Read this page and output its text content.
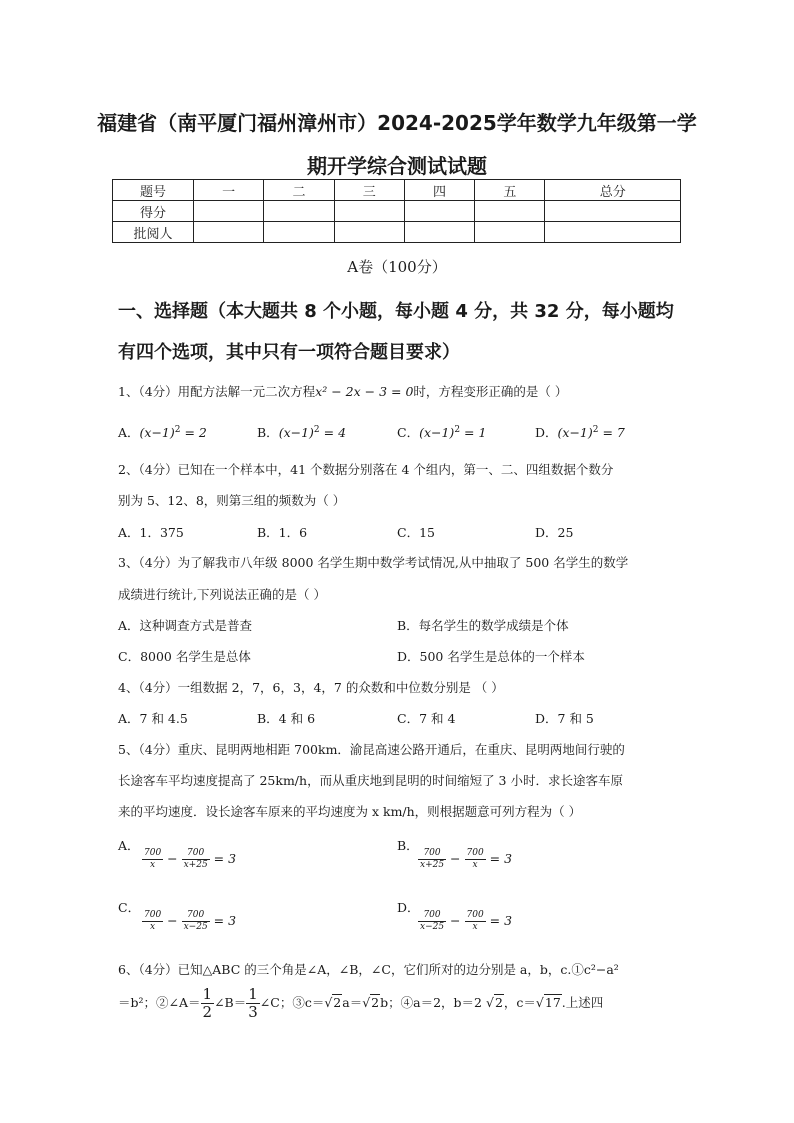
福建省（南平厦门福州漳州市）2024-2025学年数学九年级第一学
期开学综合测试试题
题号	一	二	三	四	五	总分
得分						
批阅人						
A卷（100分）
一、选择题（本大题共 8 个小题，每小题 4 分，共 32 分，每小题均
有四个选项，其中只有一项符合题目要求）
1、（4分）用配方法解一元二次方程x² − 2x − 3 = 0时，方程变形正确的是（ ）
A．$(x-1)^2 = 2$	B．$(x-1)^2 = 4$	C．$(x-1)^2 = 1$	D．$(x-1)^2 = 7$
2、（4分）已知在一个样本中，41 个数据分别落在 4 个组内，第一、二、四组数据个数分
别为 5、12、8，则第三组的频数为（ ）
A．1．375	B．1．6	C．15	D．25
3、（4分）为了解我市八年级 8000 名学生期中数学考试情况,从中抽取了 500 名学生的数学
成绩进行统计,下列说法正确的是（ ）
A．这种调查方式是普查	B．每名学生的数学成绩是个体
C．8000 名学生是总体	D．500 名学生是总体的一个样本
4、（4分）一组数据 2，7，6，3，4，7 的众数和中位数分别是 （ ）
A．7 和 4.5	B．4 和 6	C．7 和 4	D．7 和 5
5、（4分）重庆、昆明两地相距 700km．渝昆高速公路开通后，在重庆、昆明两地间行驶的
长途客车平均速度提高了 25km/h，而从重庆地到昆明的时间缩短了 3 小时．求长途客车原
来的平均速度．设长途客车原来的平均速度为 x km/h，则根据题意可列方程为（ ）
A．
$\frac{700}{x} - \frac{700}{x+25} = 3$
B．
$\frac{700}{x+25} - \frac{700}{x} = 3$
C．
$\frac{700}{x} - \frac{700}{x-25} = 3$
D．
$\frac{700}{x-25} - \frac{700}{x} = 3$
6、（4分）已知△ABC 的三个角是∠A，∠B，∠C，它们所对的边分别是 a，b，c.①c²−a²
＝b²；②∠A＝ $\frac{1}{2}$ ∠B＝ $\frac{1}{3}$ ∠C；③c＝√2a＝√2b；④a＝2，b＝2 √2，c＝√17.上述四
